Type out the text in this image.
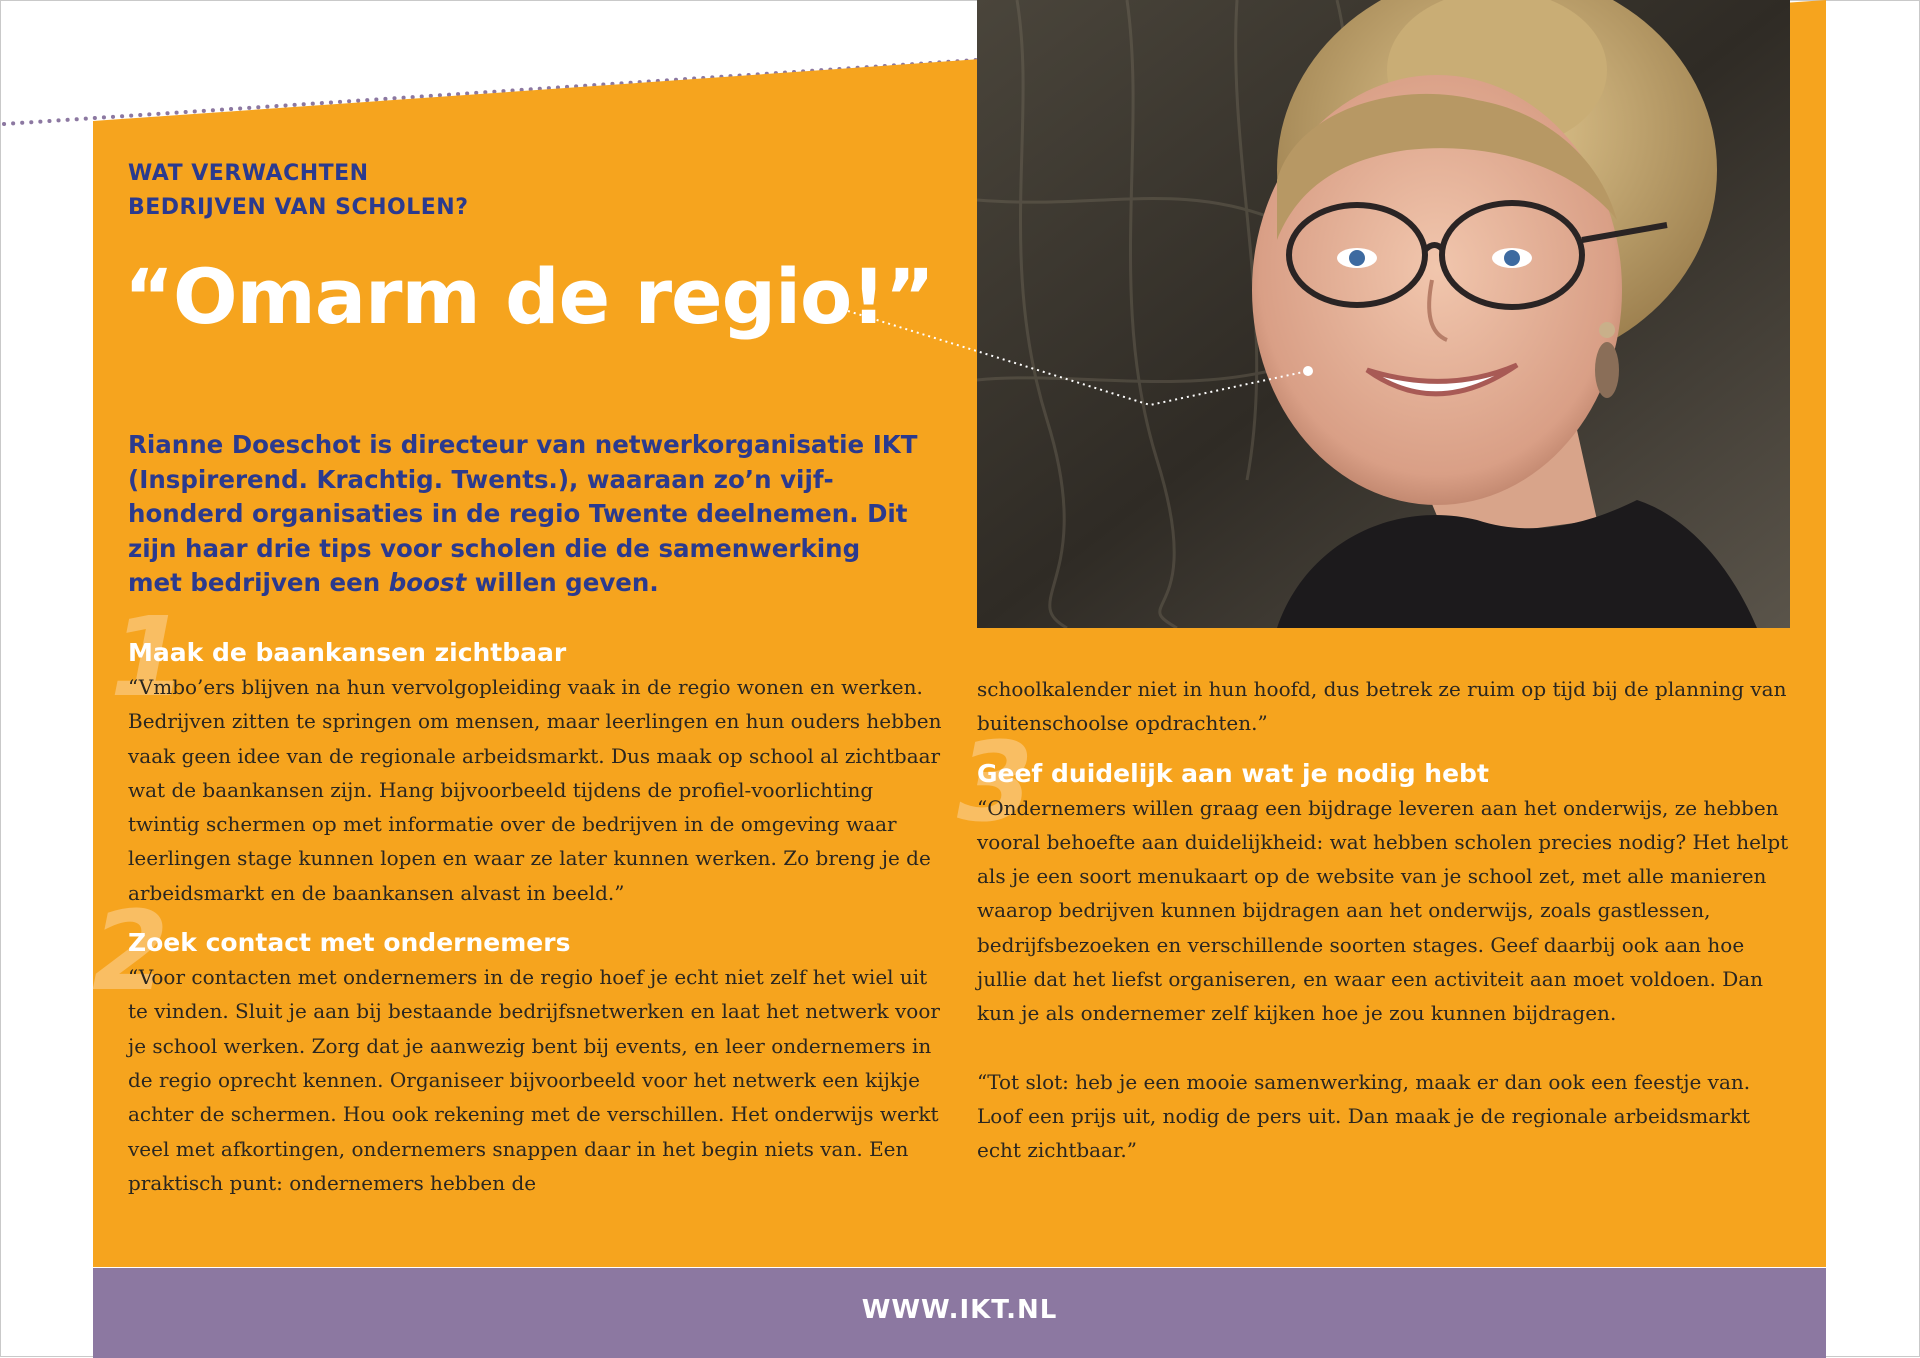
WAT VERWACHTEN
BEDRIJVEN VAN SCHOLEN?
“Omarm de regio!”

Rianne Doeschot is directeur van netwerkorganisatie IKT (Inspirerend. Krachtig. Twents.), waaraan zo’n vijfhonderd organisaties in de regio Twente deelnemen. Dit zijn haar drie tips voor scholen die de samenwerking met bedrijven een boost willen geven.

1
Maak de baankansen zichtbaar

“Vmbo’ers blijven na hun vervolgopleiding vaak in de regio wonen en werken. Bedrijven zitten te springen om mensen, maar leerlingen en hun ouders hebben vaak geen idee van de regionale arbeidsmarkt. Dus maak op school al zichtbaar wat de baankansen zijn. Hang bijvoorbeeld tijdens de profiel-voorlichting twintig schermen op met informatie over de bedrijven in de omgeving waar leerlingen stage kunnen lopen en waar ze later kunnen werken. Zo breng je de arbeidsmarkt en de baankansen alvast in beeld.”

2
Zoek contact met ondernemers

“Voor contacten met ondernemers in de regio hoef je echt niet zelf het wiel uit te vinden. Sluit je aan bij bestaande bedrijfsnetwerken en laat het netwerk voor je school werken. Zorg dat je aanwezig bent bij events, en leer ondernemers in de regio oprecht kennen. Organiseer bijvoorbeeld voor het netwerk een kijkje achter de schermen. Hou ook rekening met de verschillen. Het onderwijs werkt veel met afkortingen, ondernemers snappen daar in het begin niets van. Een praktisch punt: ondernemers hebben de

schoolkalender niet in hun hoofd, dus betrek ze ruim op tijd bij de planning van buitenschoolse opdrachten.”

3
Geef duidelijk aan wat je nodig hebt

“Ondernemers willen graag een bijdrage leveren aan het onderwijs, ze hebben vooral behoefte aan duidelijkheid: wat hebben scholen precies nodig? Het helpt als je een soort menukaart op de website van je school zet, met alle manieren waarop bedrijven kunnen bijdragen aan het onderwijs, zoals gastlessen, bedrijfsbezoeken en verschillende soorten stages. Geef daarbij ook aan hoe jullie dat het liefst organiseren, en waar een activiteit aan moet voldoen. Dan kun je als ondernemer zelf kijken hoe je zou kunnen bijdragen.

“Tot slot: heb je een mooie samenwerking, maak er dan ook een feestje van. Loof een prijs uit, nodig de pers uit. Dan maak je de regionale arbeidsmarkt echt zichtbaar.”

WWW.IKT.NL
